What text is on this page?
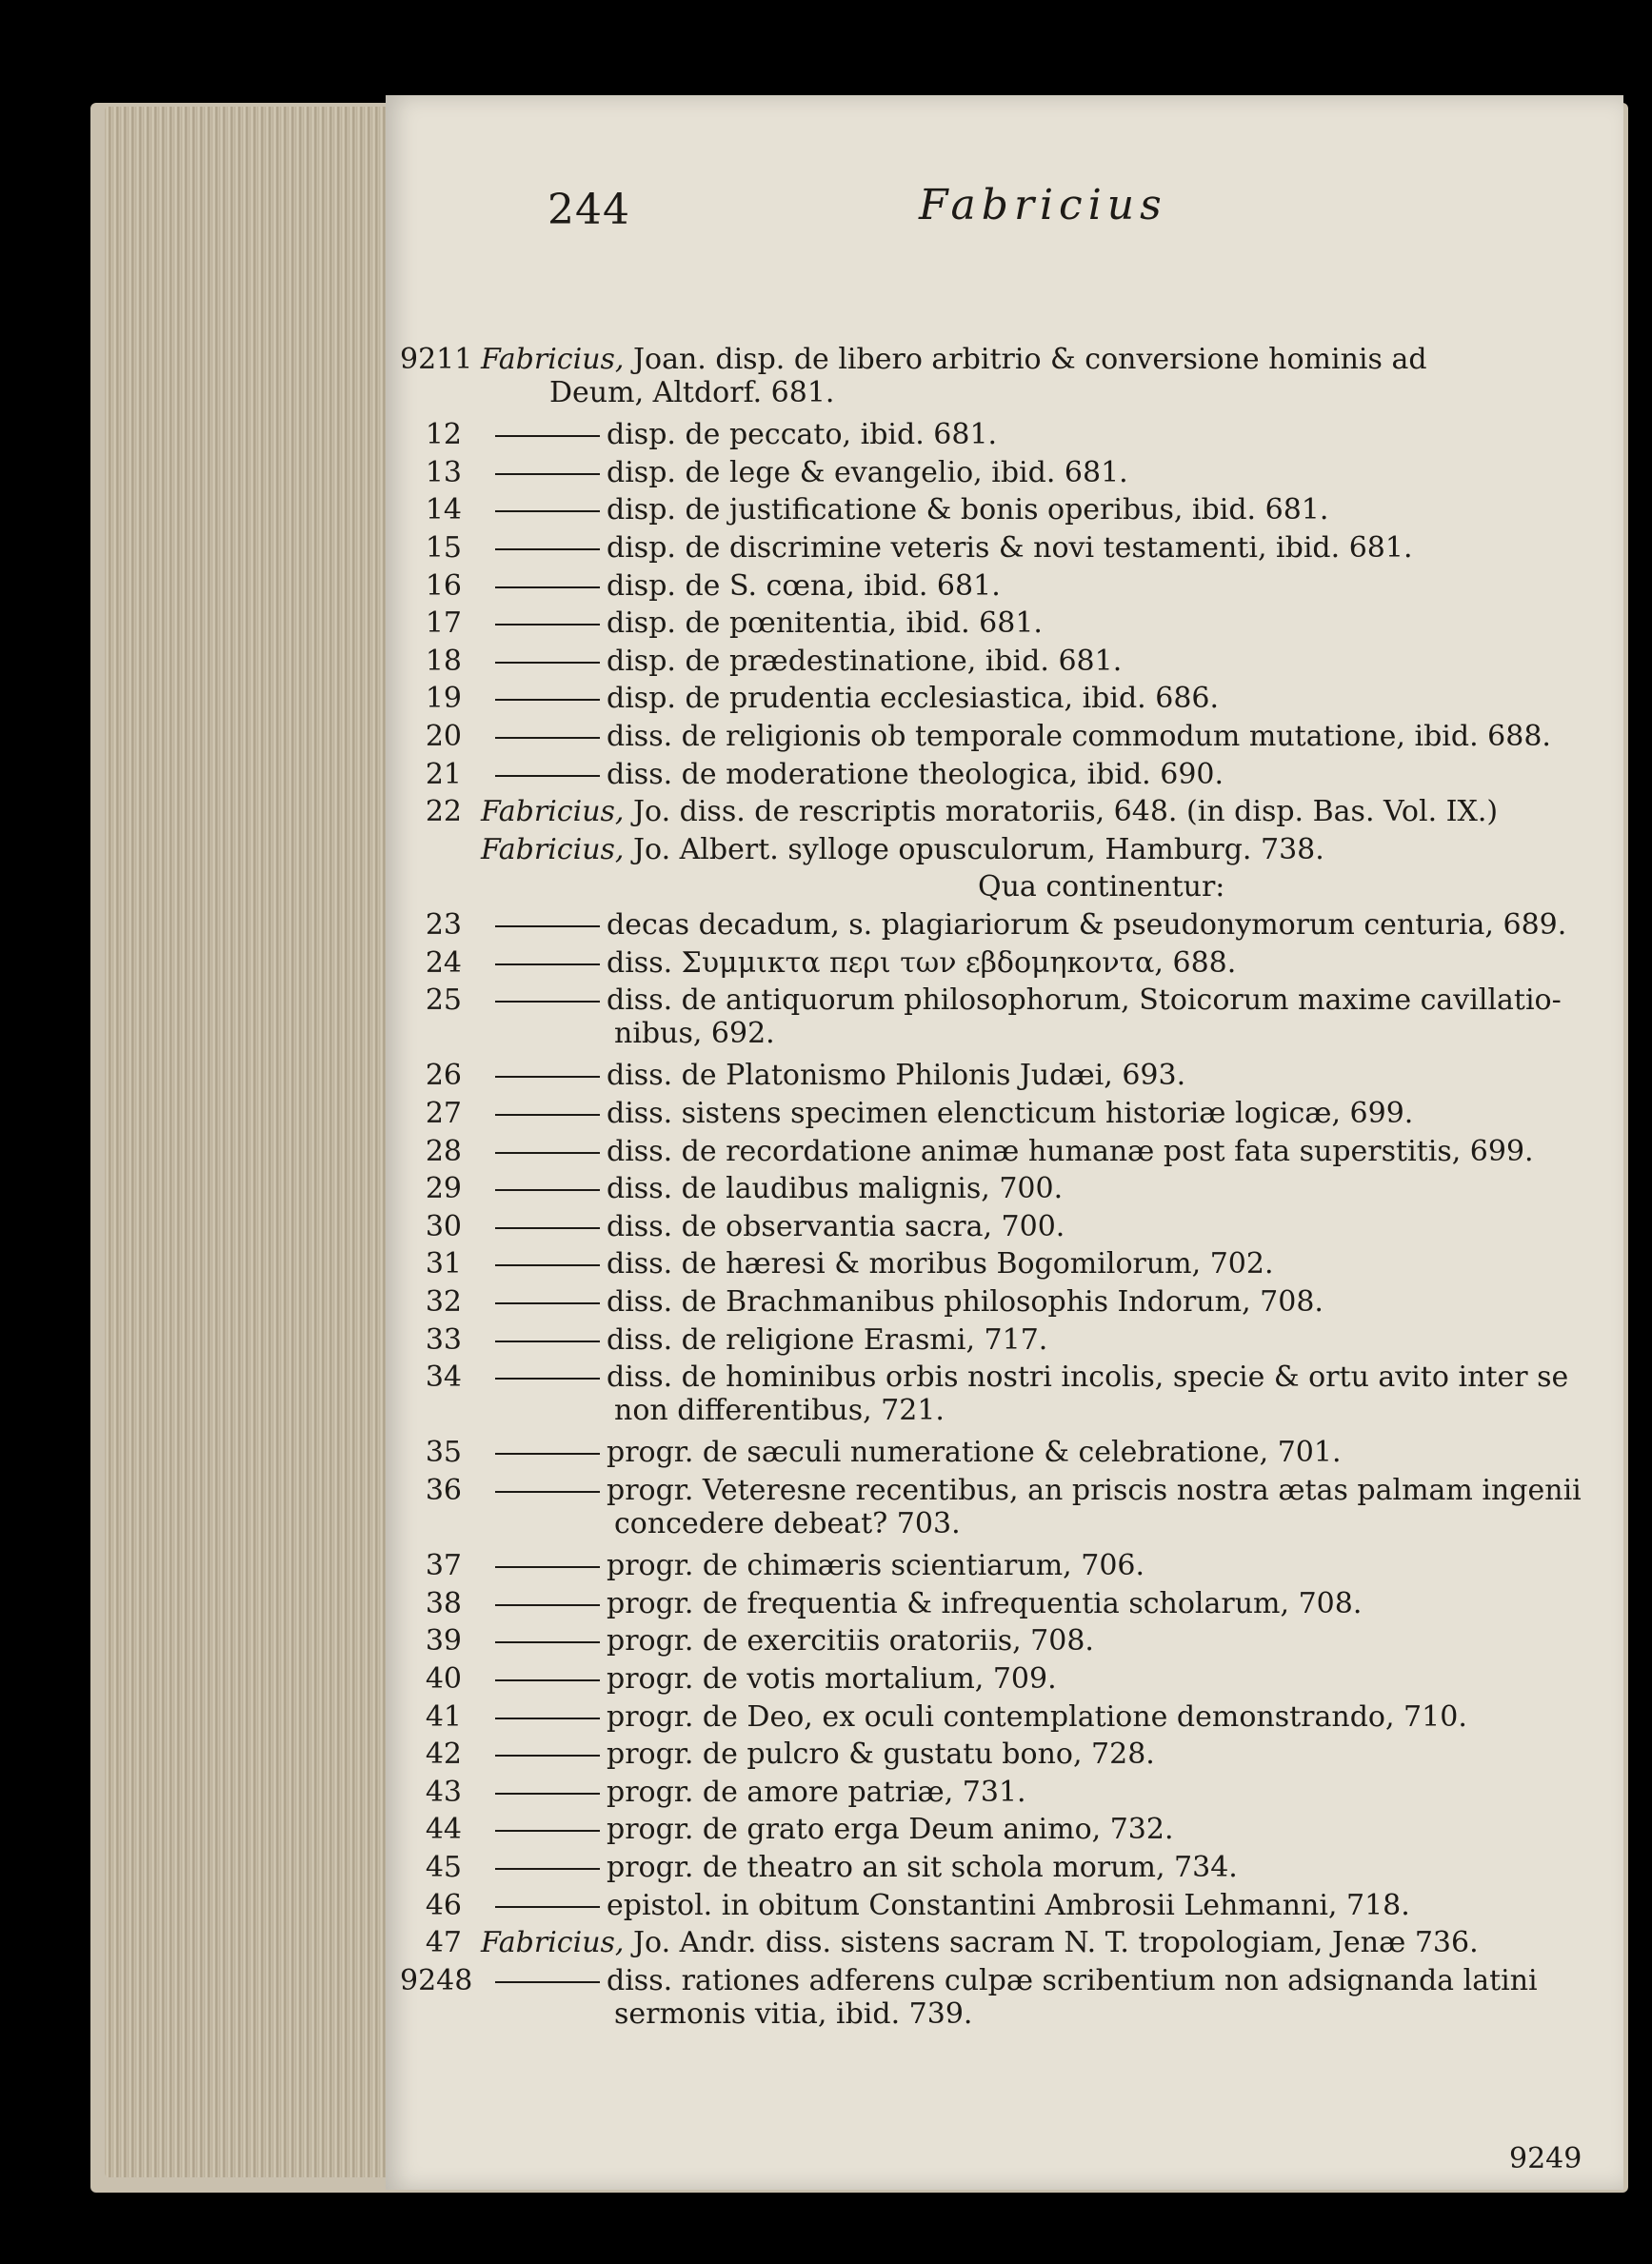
244	Fabricius
9211 Fabricius, Joan. disp. de libero arbitrio & conversione hominis ad
Deum, Altdorf. 681.
12	disp. de peccato, ibid. 681.
13	disp. de lege & evangelio, ibid. 681.
14	disp. de justificatione & bonis operibus, ibid. 681.
15	disp. de discrimine veteris & novi testamenti, ibid. 681.
16	disp. de S. cœna, ibid. 681.
17	disp. de pœnitentia, ibid. 681.
18	disp. de prædestinatione, ibid. 681.
19	disp. de prudentia ecclesiastica, ibid. 686.
20	diss. de religionis ob temporale commodum mutatione, ibid. 688.
21	diss. de moderatione theologica, ibid. 690.
22 Fabricius, Jo. diss. de rescriptis moratoriis, 648. (in disp. Bas. Vol. IX.)
Fabricius, Jo. Albert. sylloge opusculorum, Hamburg. 738.
Qua continentur:
23	decas decadum, s. plagiariorum & pseudonymorum centuria, 689.
24	diss. Συμμικτα περι των εβδομηκοντα, 688.
25	diss. de antiquorum philosophorum, Stoicorum maxime cavillatio-
nibus, 692.
26	diss. de Platonismo Philonis Judæi, 693.
27	diss. sistens specimen elencticum historiæ logicæ, 699.
28	diss. de recordatione animæ humanæ post fata superstitis, 699.
29	diss. de laudibus malignis, 700.
30	diss. de observantia sacra, 700.
31	diss. de hæresi & moribus Bogomilorum, 702.
32	diss. de Brachmanibus philosophis Indorum, 708.
33	diss. de religione Erasmi, 717.
34	diss. de hominibus orbis nostri incolis, specie & ortu avito inter se
non differentibus, 721.
35	progr. de sæculi numeratione & celebratione, 701.
36	progr. Veteresne recentibus, an priscis nostra ætas palmam ingenii
concedere debeat? 703.
37	progr. de chimæris scientiarum, 706.
38	progr. de frequentia & infrequentia scholarum, 708.
39	progr. de exercitiis oratoriis, 708.
40	progr. de votis mortalium, 709.
41	progr. de Deo, ex oculi contemplatione demonstrando, 710.
42	progr. de pulcro & gustatu bono, 728.
43	progr. de amore patriæ, 731.
44	progr. de grato erga Deum animo, 732.
45	progr. de theatro an sit schola morum, 734.
46	epistol. in obitum Constantini Ambrosii Lehmanni, 718.
47 Fabricius, Jo. Andr. diss. sistens sacram N. T. tropologiam, Jenæ 736.
9248	diss. rationes adferens culpæ scribentium non adsignanda latini
sermonis vitia, ibid. 739.
9249
